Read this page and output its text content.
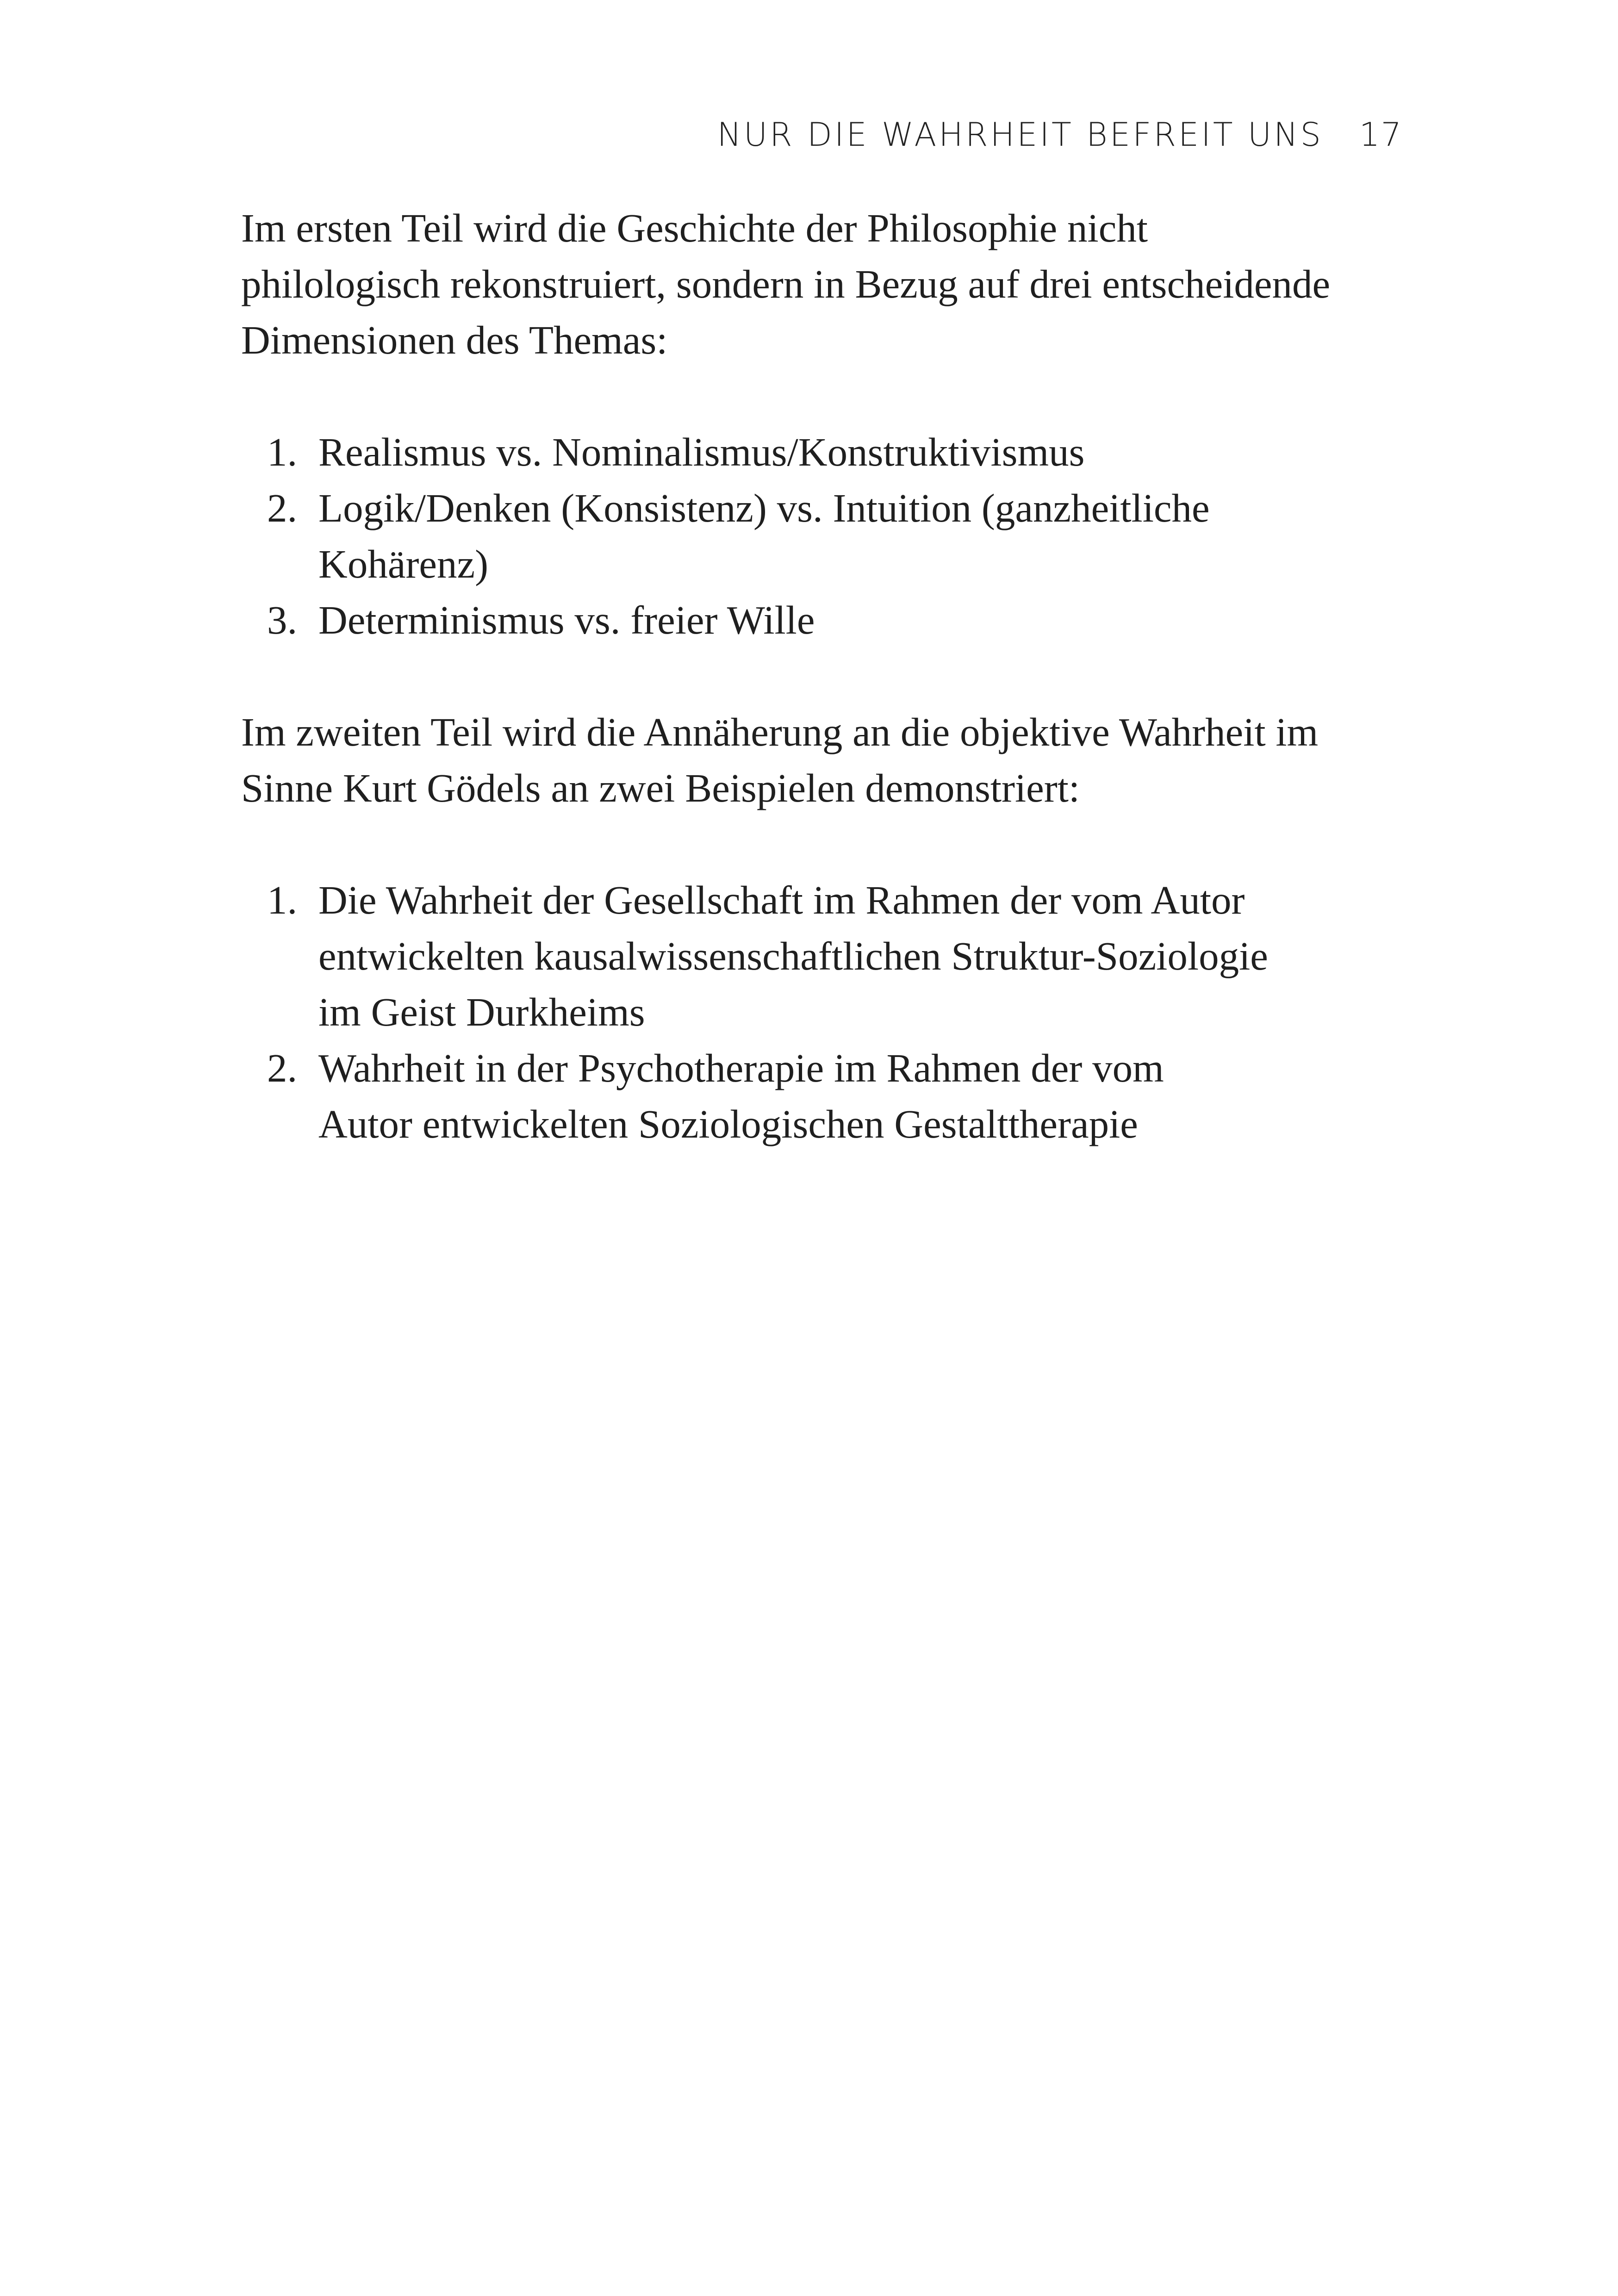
NUR DIE WAHRHEIT BEFREIT UNS 17

Im ersten Teil wird die Geschichte der Philosophie nicht
philologisch rekonstruiert, sondern in Bezug auf drei entscheidende
Dimensionen des Themas:

1. Realismus vs. Nominalismus/Konstruktivismus
2. Logik/Denken (Konsistenz) vs. Intuition (ganzheitliche
Kohärenz)
3. Determinismus vs. freier Wille

Im zweiten Teil wird die Annäherung an die objektive Wahrheit im
Sinne Kurt Gödels an zwei Beispielen demonstriert:

1. Die Wahrheit der Gesellschaft im Rahmen der vom Autor
entwickelten kausalwissenschaftlichen Struktur-Soziologie
im Geist Durkheims
2. Wahrheit in der Psychotherapie im Rahmen der vom
Autor entwickelten Soziologischen Gestalttherapie
